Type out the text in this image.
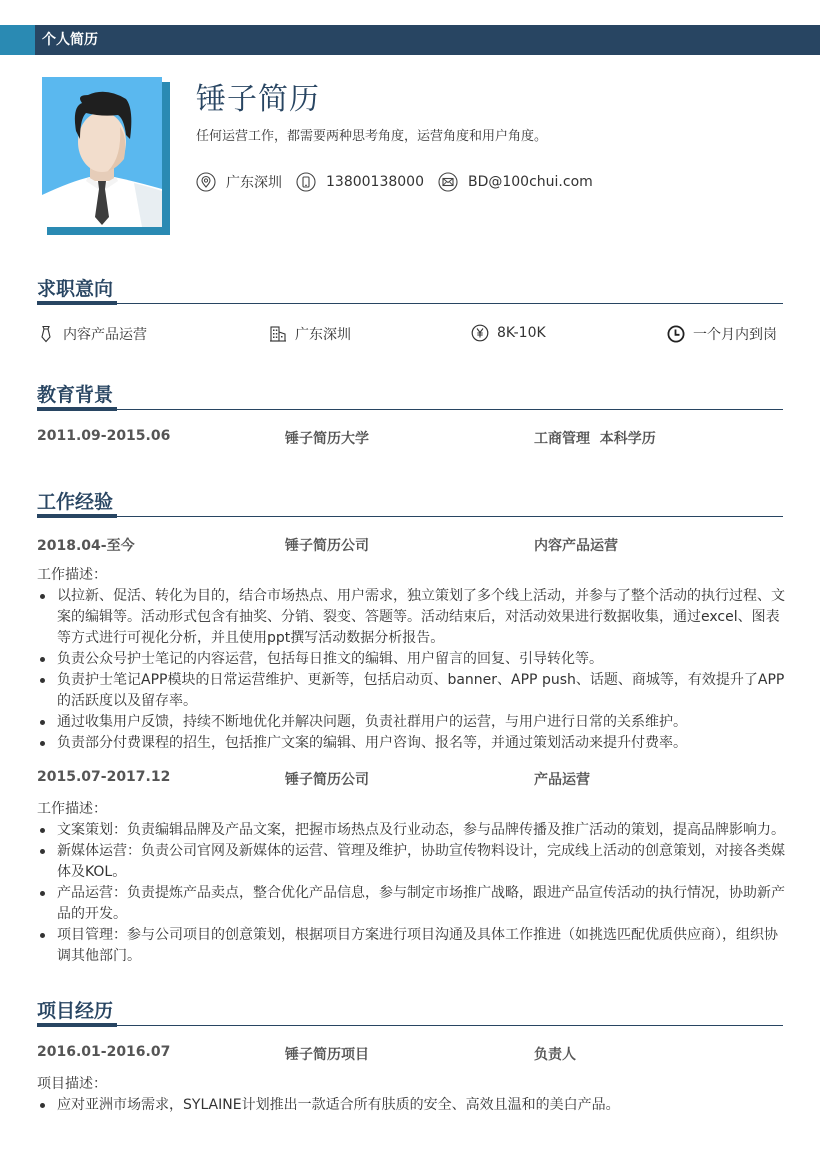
个人简历
锤子简历
任何运营工作，都需要两种思考角度，运营角度和用户角度。
广东深圳	13800138000	BD@100chui.com
求职意向
内容产品运营	广东深圳	8K-10K	一个月内到岗
教育背景
2011.09-2015.06	锤子简历大学	工商管理  本科学历
工作经验
2018.04-至今	锤子简历公司	内容产品运营
工作描述：
以拉新、促活、转化为目的，结合市场热点、用户需求，独立策划了多个线上活动，并参与了整个活动的执行过程、文案的编辑等。活动形式包含有抽奖、分销、裂变、答题等。活动结束后，对活动效果进行数据收集，通过excel、图表等方式进行可视化分析，并且使用ppt撰写活动数据分析报告。
负责公众号护士笔记的内容运营，包括每日推文的编辑、用户留言的回复、引导转化等。
负责护士笔记APP模块的日常运营维护、更新等，包括启动页、banner、APP push、话题、商城等，有效提升了APP的活跃度以及留存率。
通过收集用户反馈，持续不断地优化并解决问题，负责社群用户的运营，与用户进行日常的关系维护。
负责部分付费课程的招生，包括推广文案的编辑、用户咨询、报名等，并通过策划活动来提升付费率。
2015.07-2017.12	锤子简历公司	产品运营
工作描述：
文案策划：负责编辑品牌及产品文案，把握市场热点及行业动态，参与品牌传播及推广活动的策划，提高品牌影响力。
新媒体运营：负责公司官网及新媒体的运营、管理及维护，协助宣传物料设计，完成线上活动的创意策划，对接各类媒体及KOL。
产品运营：负责提炼产品卖点，整合优化产品信息，参与制定市场推广战略，跟进产品宣传活动的执行情况，协助新产品的开发。
项目管理：参与公司项目的创意策划，根据项目方案进行项目沟通及具体工作推进（如挑选匹配优质供应商），组织协调其他部门。
项目经历
2016.01-2016.07	锤子简历项目	负责人
项目描述：
应对亚洲市场需求，SYLAINE计划推出一款适合所有肤质的安全、高效且温和的美白产品。
